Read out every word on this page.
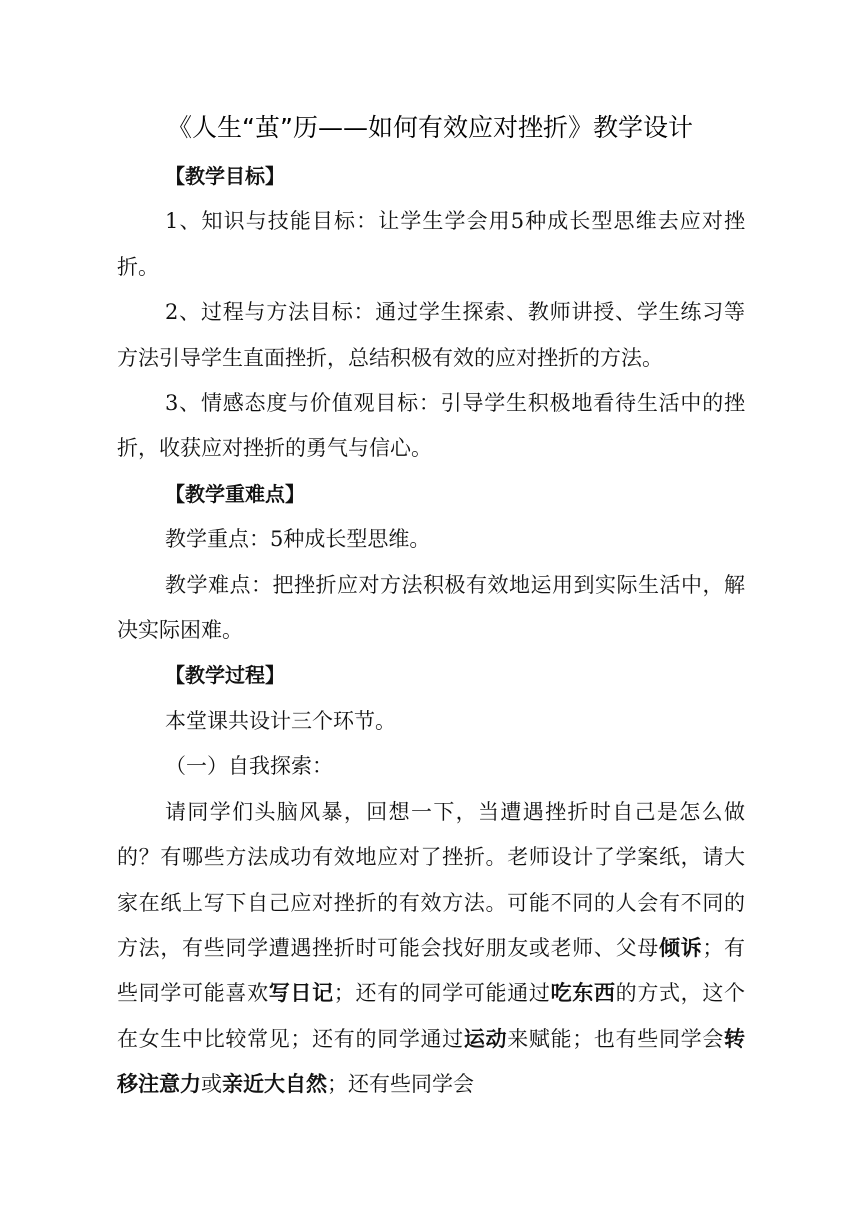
《人生“茧”历——如何有效应对挫折》教学设计

【教学目标】

1、知识与技能目标：让学生学会用5种成长型思维去应对挫折。

2、过程与方法目标：通过学生探索、教师讲授、学生练习等方法引导学生直面挫折，总结积极有效的应对挫折的方法。

3、情感态度与价值观目标：引导学生积极地看待生活中的挫折，收获应对挫折的勇气与信心。

【教学重难点】

教学重点：5种成长型思维。

教学难点：把挫折应对方法积极有效地运用到实际生活中，解决实际困难。

【教学过程】

本堂课共设计三个环节。

（一）自我探索：

请同学们头脑风暴，回想一下，当遭遇挫折时自己是怎么做的？有哪些方法成功有效地应对了挫折。老师设计了学案纸，请大家在纸上写下自己应对挫折的有效方法。可能不同的人会有不同的方法，有些同学遭遇挫折时可能会找好朋友或老师、父母倾诉；有些同学可能喜欢写日记；还有的同学可能通过吃东西的方式，这个在女生中比较常见；还有的同学通过运动来赋能；也有些同学会转移注意力或亲近大自然；还有些同学会
